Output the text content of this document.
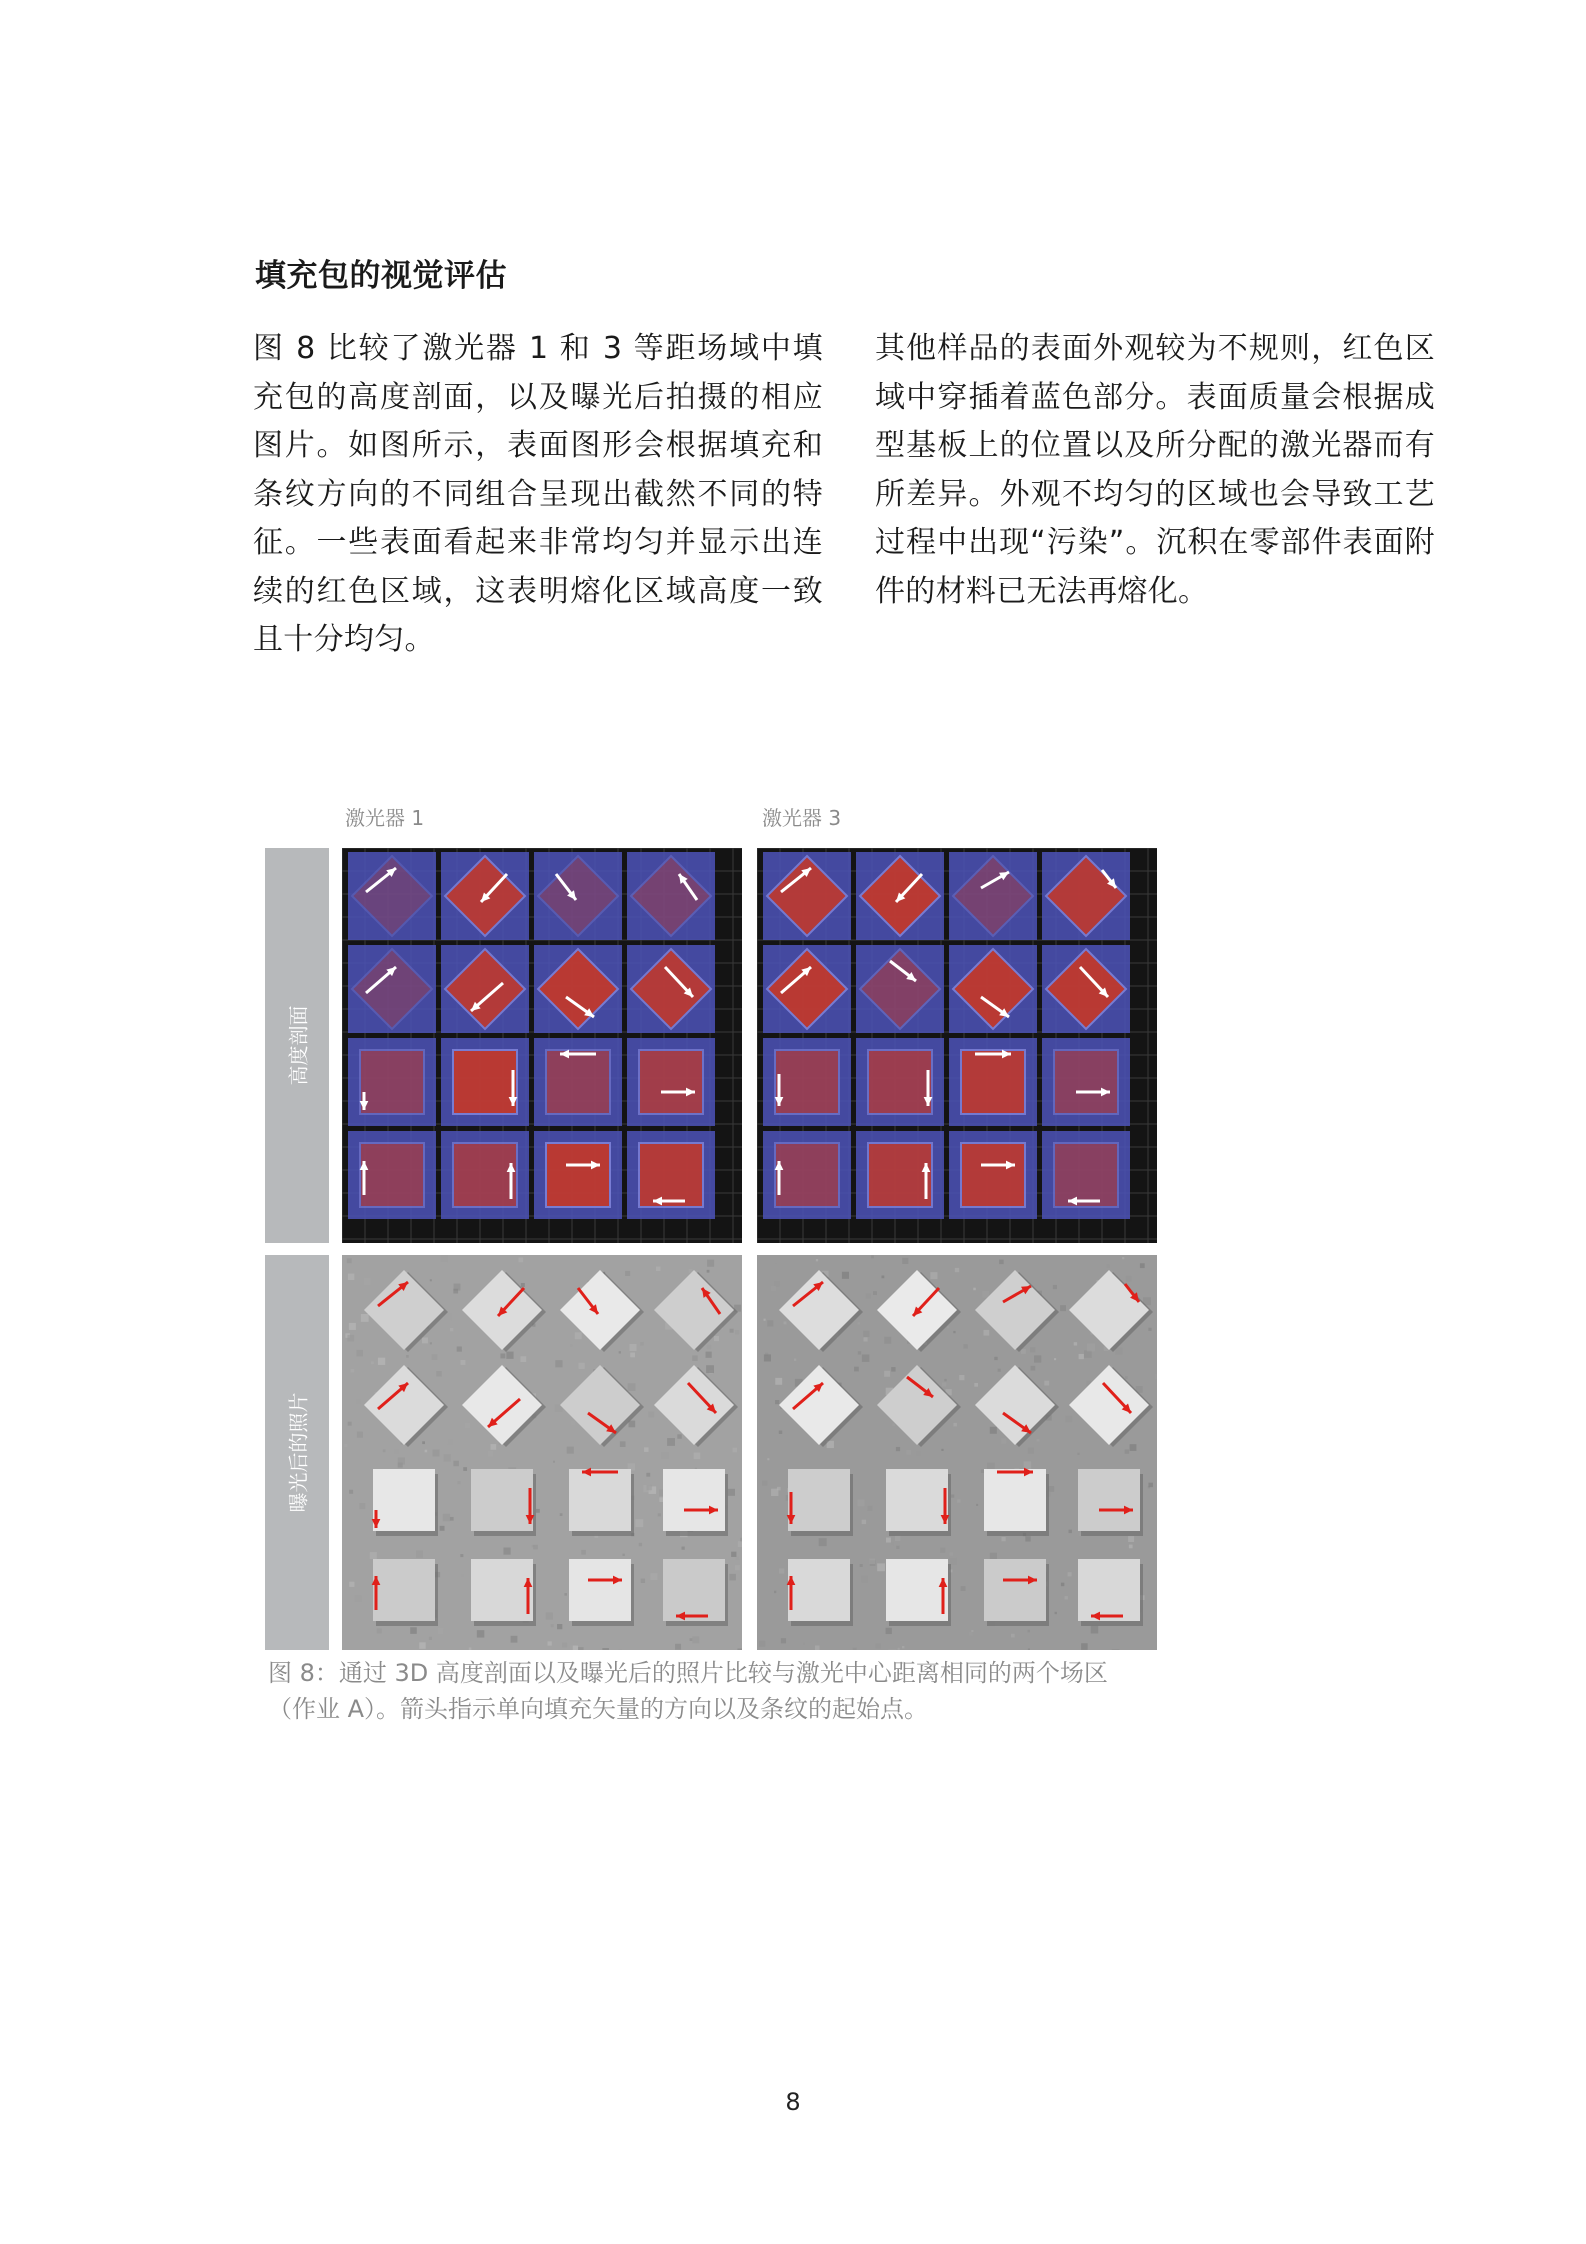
填充包的视觉评估
图 8 比较了激光器 1 和 3 等距场域中填充包的高度剖面，以及曝光后拍摄的相应图片。如图所示，表面图形会根据填充和条纹方向的不同组合呈现出截然不同的特征。一些表面看起来非常均匀并显示出连续的红色区域，这表明熔化区域高度一致且十分均匀。
其他样品的表面外观较为不规则，红色区域中穿插着蓝色部分。表面质量会根据成型基板上的位置以及所分配的激光器而有所差异。外观不均匀的区域也会导致工艺过程中出现“污染”。沉积在零部件表面附件的材料已无法再熔化。
激光器 1	激光器 3
高度剖面
曝光后的照片
图 8：通过 3D 高度剖面以及曝光后的照片比较与激光中心距离相同的两个场区（作业 A）。箭头指示单向填充矢量的方向以及条纹的起始点。
8
